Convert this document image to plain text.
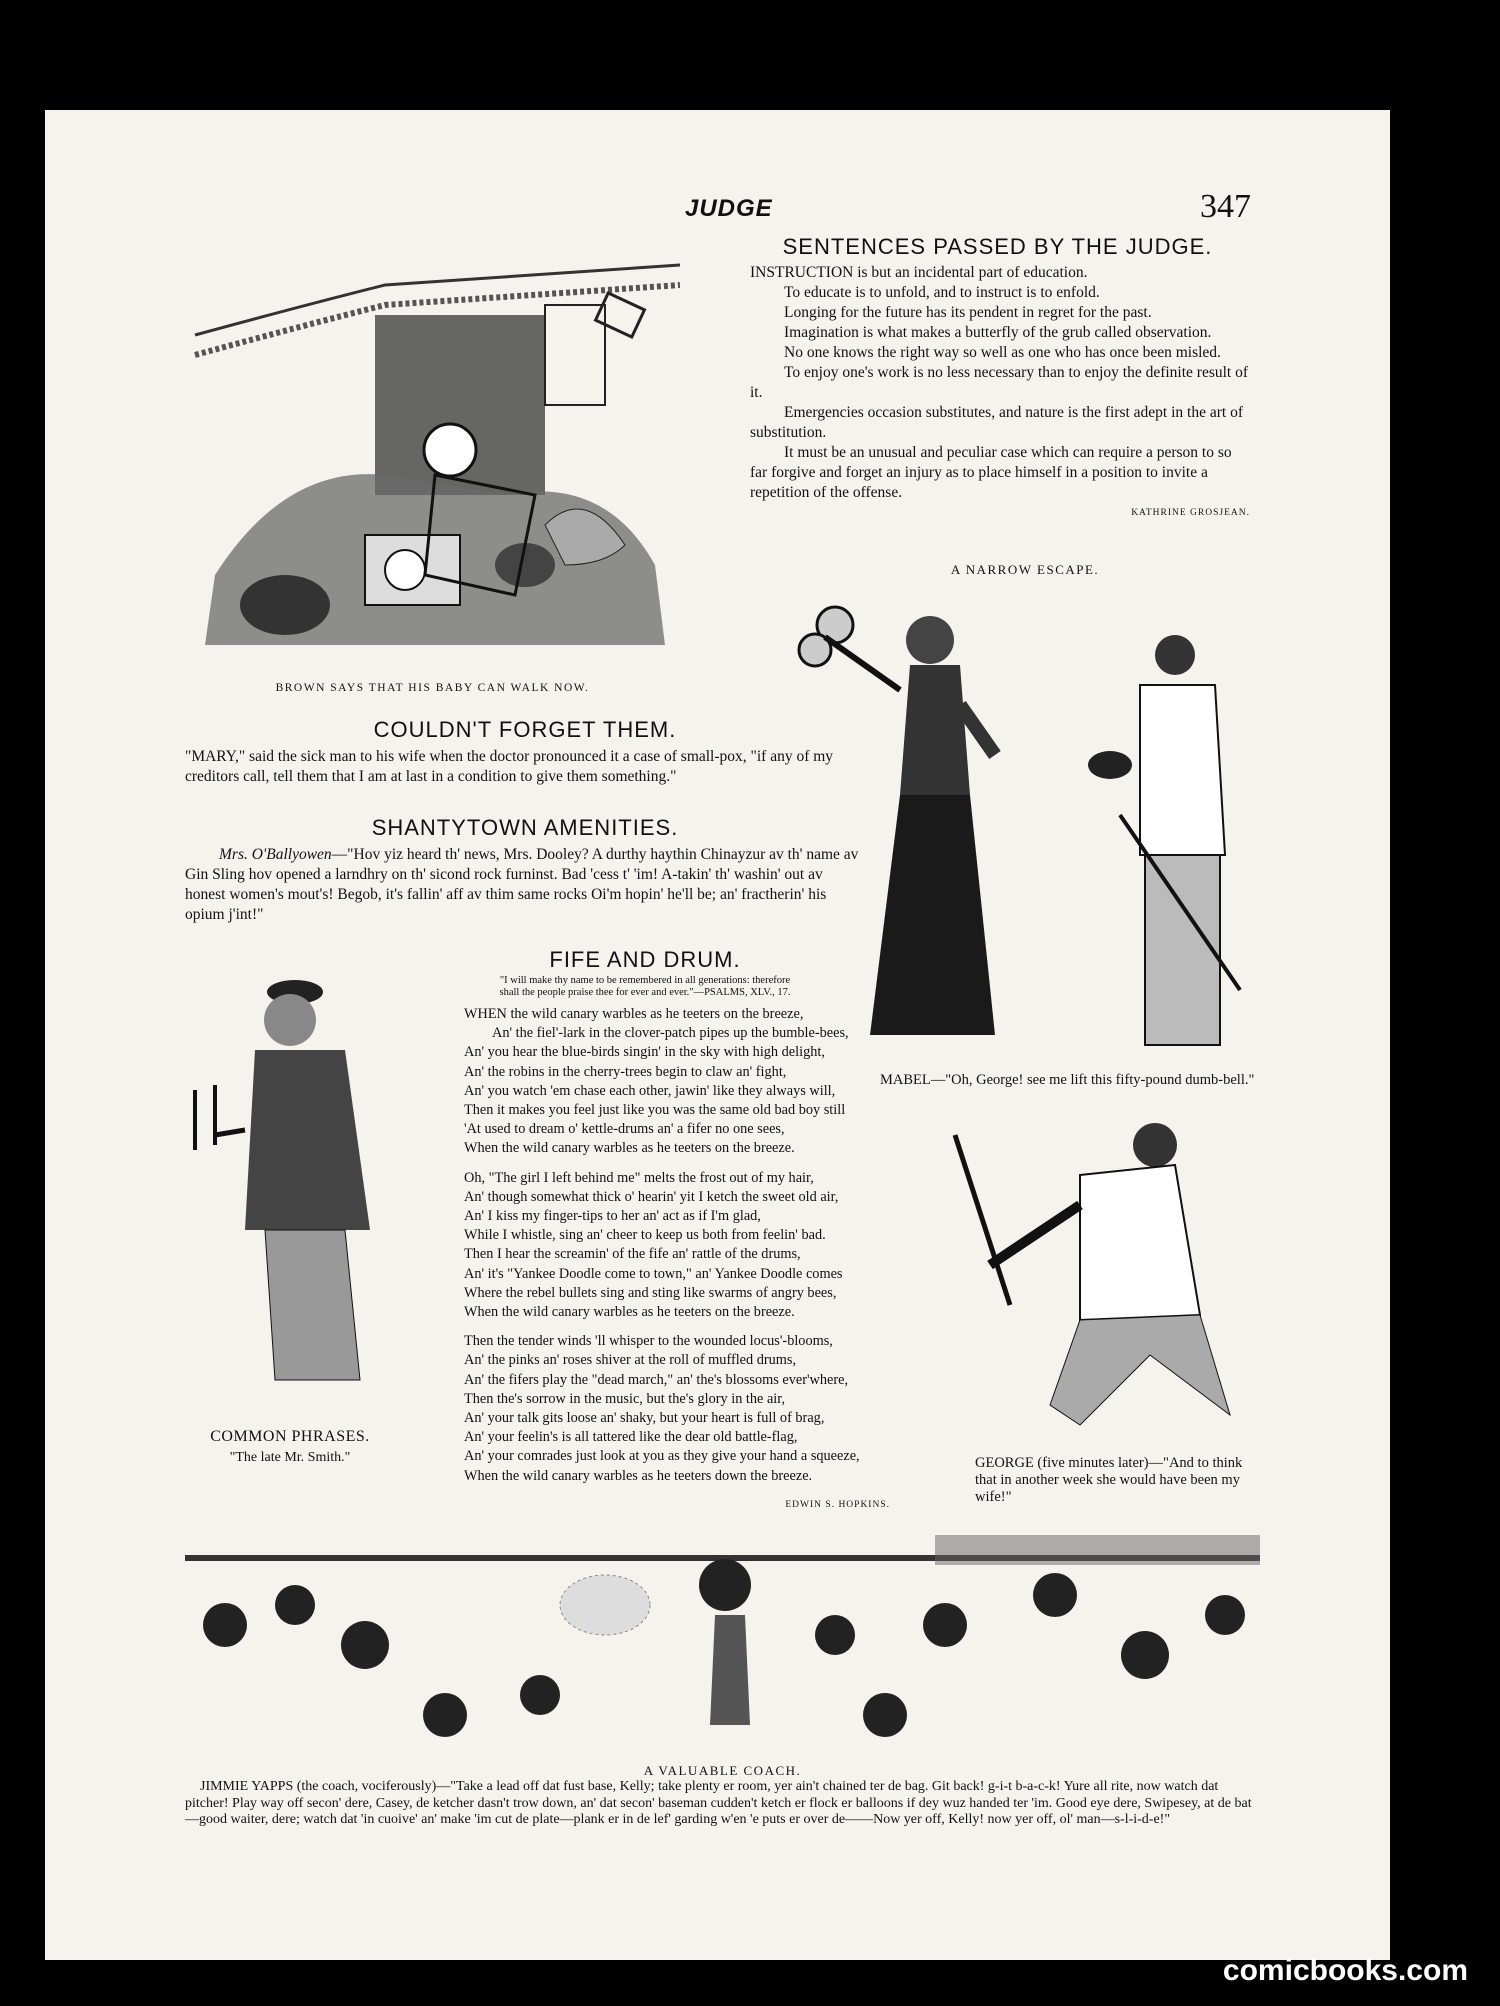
JUDGE	347
BROWN SAYS THAT HIS BABY CAN WALK NOW.
SENTENCES PASSED BY THE JUDGE.

INSTRUCTION is but an incidental part of education.

To educate is to unfold, and to instruct is to enfold.

Longing for the future has its pendent in regret for the past.

Imagination is what makes a butterfly of the grub called observation.

No one knows the right way so well as one who has once been misled.

To enjoy one's work is no less necessary than to enjoy the definite result of it.

Emergencies occasion substitutes, and nature is the first adept in the art of substitution.

It must be an unusual and peculiar case which can require a person to so far forgive and forget an injury as to place himself in a position to invite a repetition of the offense.

KATHRINE GROSJEAN.
A NARROW ESCAPE.
MABEL—"Oh, George! see me lift this fifty-pound dumb-bell."
COULDN'T FORGET THEM.

"MARY," said the sick man to his wife when the doctor pronounced it a case of small-pox, "if any of my creditors call, tell them that I am at last in a condition to give them something."

SHANTYTOWN AMENITIES.

Mrs. O'Ballyowen—"Hov yiz heard th' news, Mrs. Dooley? A durthy haythin Chinayzur av th' name av Gin Sling hov opened a larndhry on th' sicond rock furninst. Bad 'cess t' 'im! A-takin' th' washin' out av honest women's mout's! Begob, it's fallin' aff av thim same rocks Oi'm hopin' he'll be; an' fractherin' his opium j'int!"

COMMON PHRASES.
"The late Mr. Smith."
FIFE AND DRUM.
"I will make thy name to be remembered in all generations: therefore
shall the people praise thee for ever and ever."—PSALMS, XLV., 17.

WHEN the wild canary warbles as he teeters on the breeze,

An' the fiel'-lark in the clover-patch pipes up the bumble-bees,

An' you hear the blue-birds singin' in the sky with high delight,

An' the robins in the cherry-trees begin to claw an' fight,

An' you watch 'em chase each other, jawin' like they always will,

Then it makes you feel just like you was the same old bad boy still

'At used to dream o' kettle-drums an' a fifer no one sees,

When the wild canary warbles as he teeters on the breeze.

Oh, "The girl I left behind me" melts the frost out of my hair,

An' though somewhat thick o' hearin' yit I ketch the sweet old air,

An' I kiss my finger-tips to her an' act as if I'm glad,

While I whistle, sing an' cheer to keep us both from feelin' bad.

Then I hear the screamin' of the fife an' rattle of the drums,

An' it's "Yankee Doodle come to town," an' Yankee Doodle comes

Where the rebel bullets sing and sting like swarms of angry bees,

When the wild canary warbles as he teeters on the breeze.

Then the tender winds 'll whisper to the wounded locus'-blooms,

An' the pinks an' roses shiver at the roll of muffled drums,

An' the fifers play the "dead march," an' the's blossoms ever'where,

Then the's sorrow in the music, but the's glory in the air,

An' your talk gits loose an' shaky, but your heart is full of brag,

An' your feelin's is all tattered like the dear old battle-flag,

An' your comrades just look at you as they give your hand a squeeze,

When the wild canary warbles as he teeters down the breeze.

EDWIN S. HOPKINS.
GEORGE (five minutes later)—"And to think that in another week she would have been my wife!"
A VALUABLE COACH.

JIMMIE YAPPS (the coach, vociferously)—"Take a lead off dat fust base, Kelly; take plenty er room, yer ain't chained ter de bag. Git back! g-i-t b-a-c-k! Yure all rite, now watch dat pitcher! Play way off secon' dere, Casey, de ketcher dasn't trow down, an' dat secon' baseman cudden't ketch er flock er balloons if dey wuz handed ter 'im. Good eye dere, Swipesey, at de bat—good waiter, dere; watch dat 'in cuoive' an' make 'im cut de plate—plank er in de lef' garding w'en 'e puts er over de——Now yer off, Kelly! now yer off, ol' man—s-l-i-d-e!"

comicbooks.com
